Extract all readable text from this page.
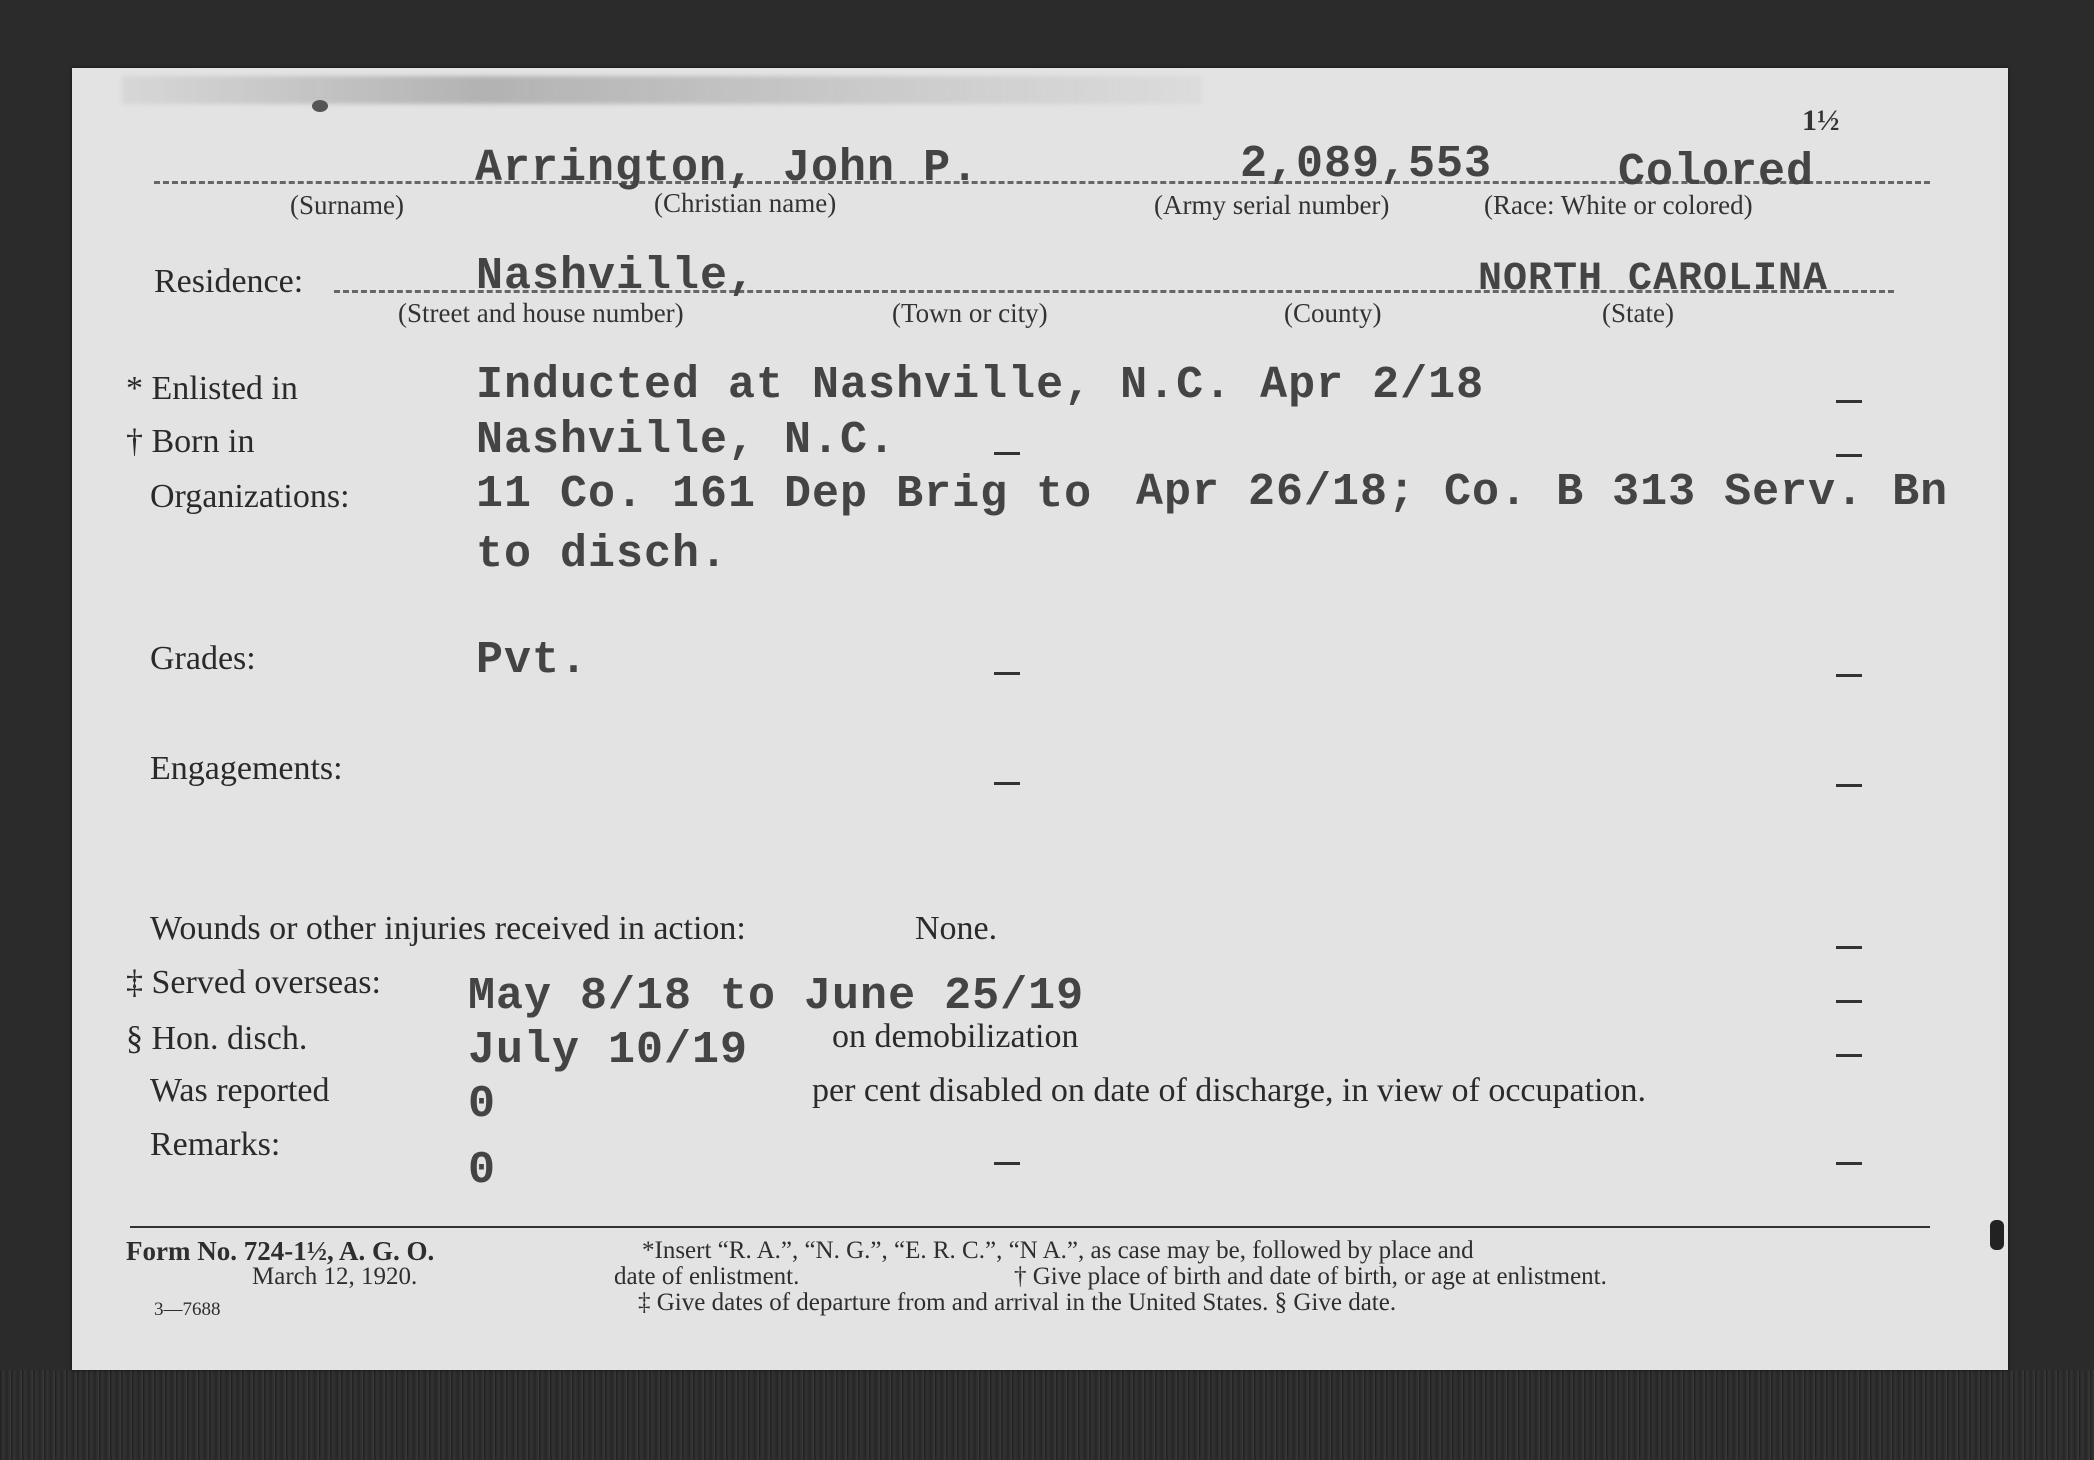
1½
Arrington, John P.	2,089,553	Colored
(Surname)	(Christian name)	(Army serial number)	(Race: White or colored)
Residence:	Nashville,	NORTH CAROLINA
(Street and house number)	(Town or city)	(County)	(State)
* Enlisted in	Inducted at Nashville, N.C. Apr 2/18
† Born in	Nashville, N.C.
Organizations:	11 Co. 161 Dep Brig to Apr 26/18; Co. B 313 Serv. Bn
to disch.
Grades:	Pvt.
Engagements:
Wounds or other injuries received in action:	None.
‡ Served overseas: May 8/18 to June 25/19
§ Hon. disch.	July 10/19 on demobilization
Was reported	0	per cent disabled on date of discharge, in view of occupation.
Remarks:
0
Form No. 724-1½, A. G. O.
March 12, 1920.
3—7688
*Insert “R. A.”, “N. G.”, “E. R. C.”, “N A.”, as case may be, followed by place and
date of enlistment.	† Give place of birth and date of birth, or age at enlistment.
‡ Give dates of departure from and arrival in the United States. § Give date.
